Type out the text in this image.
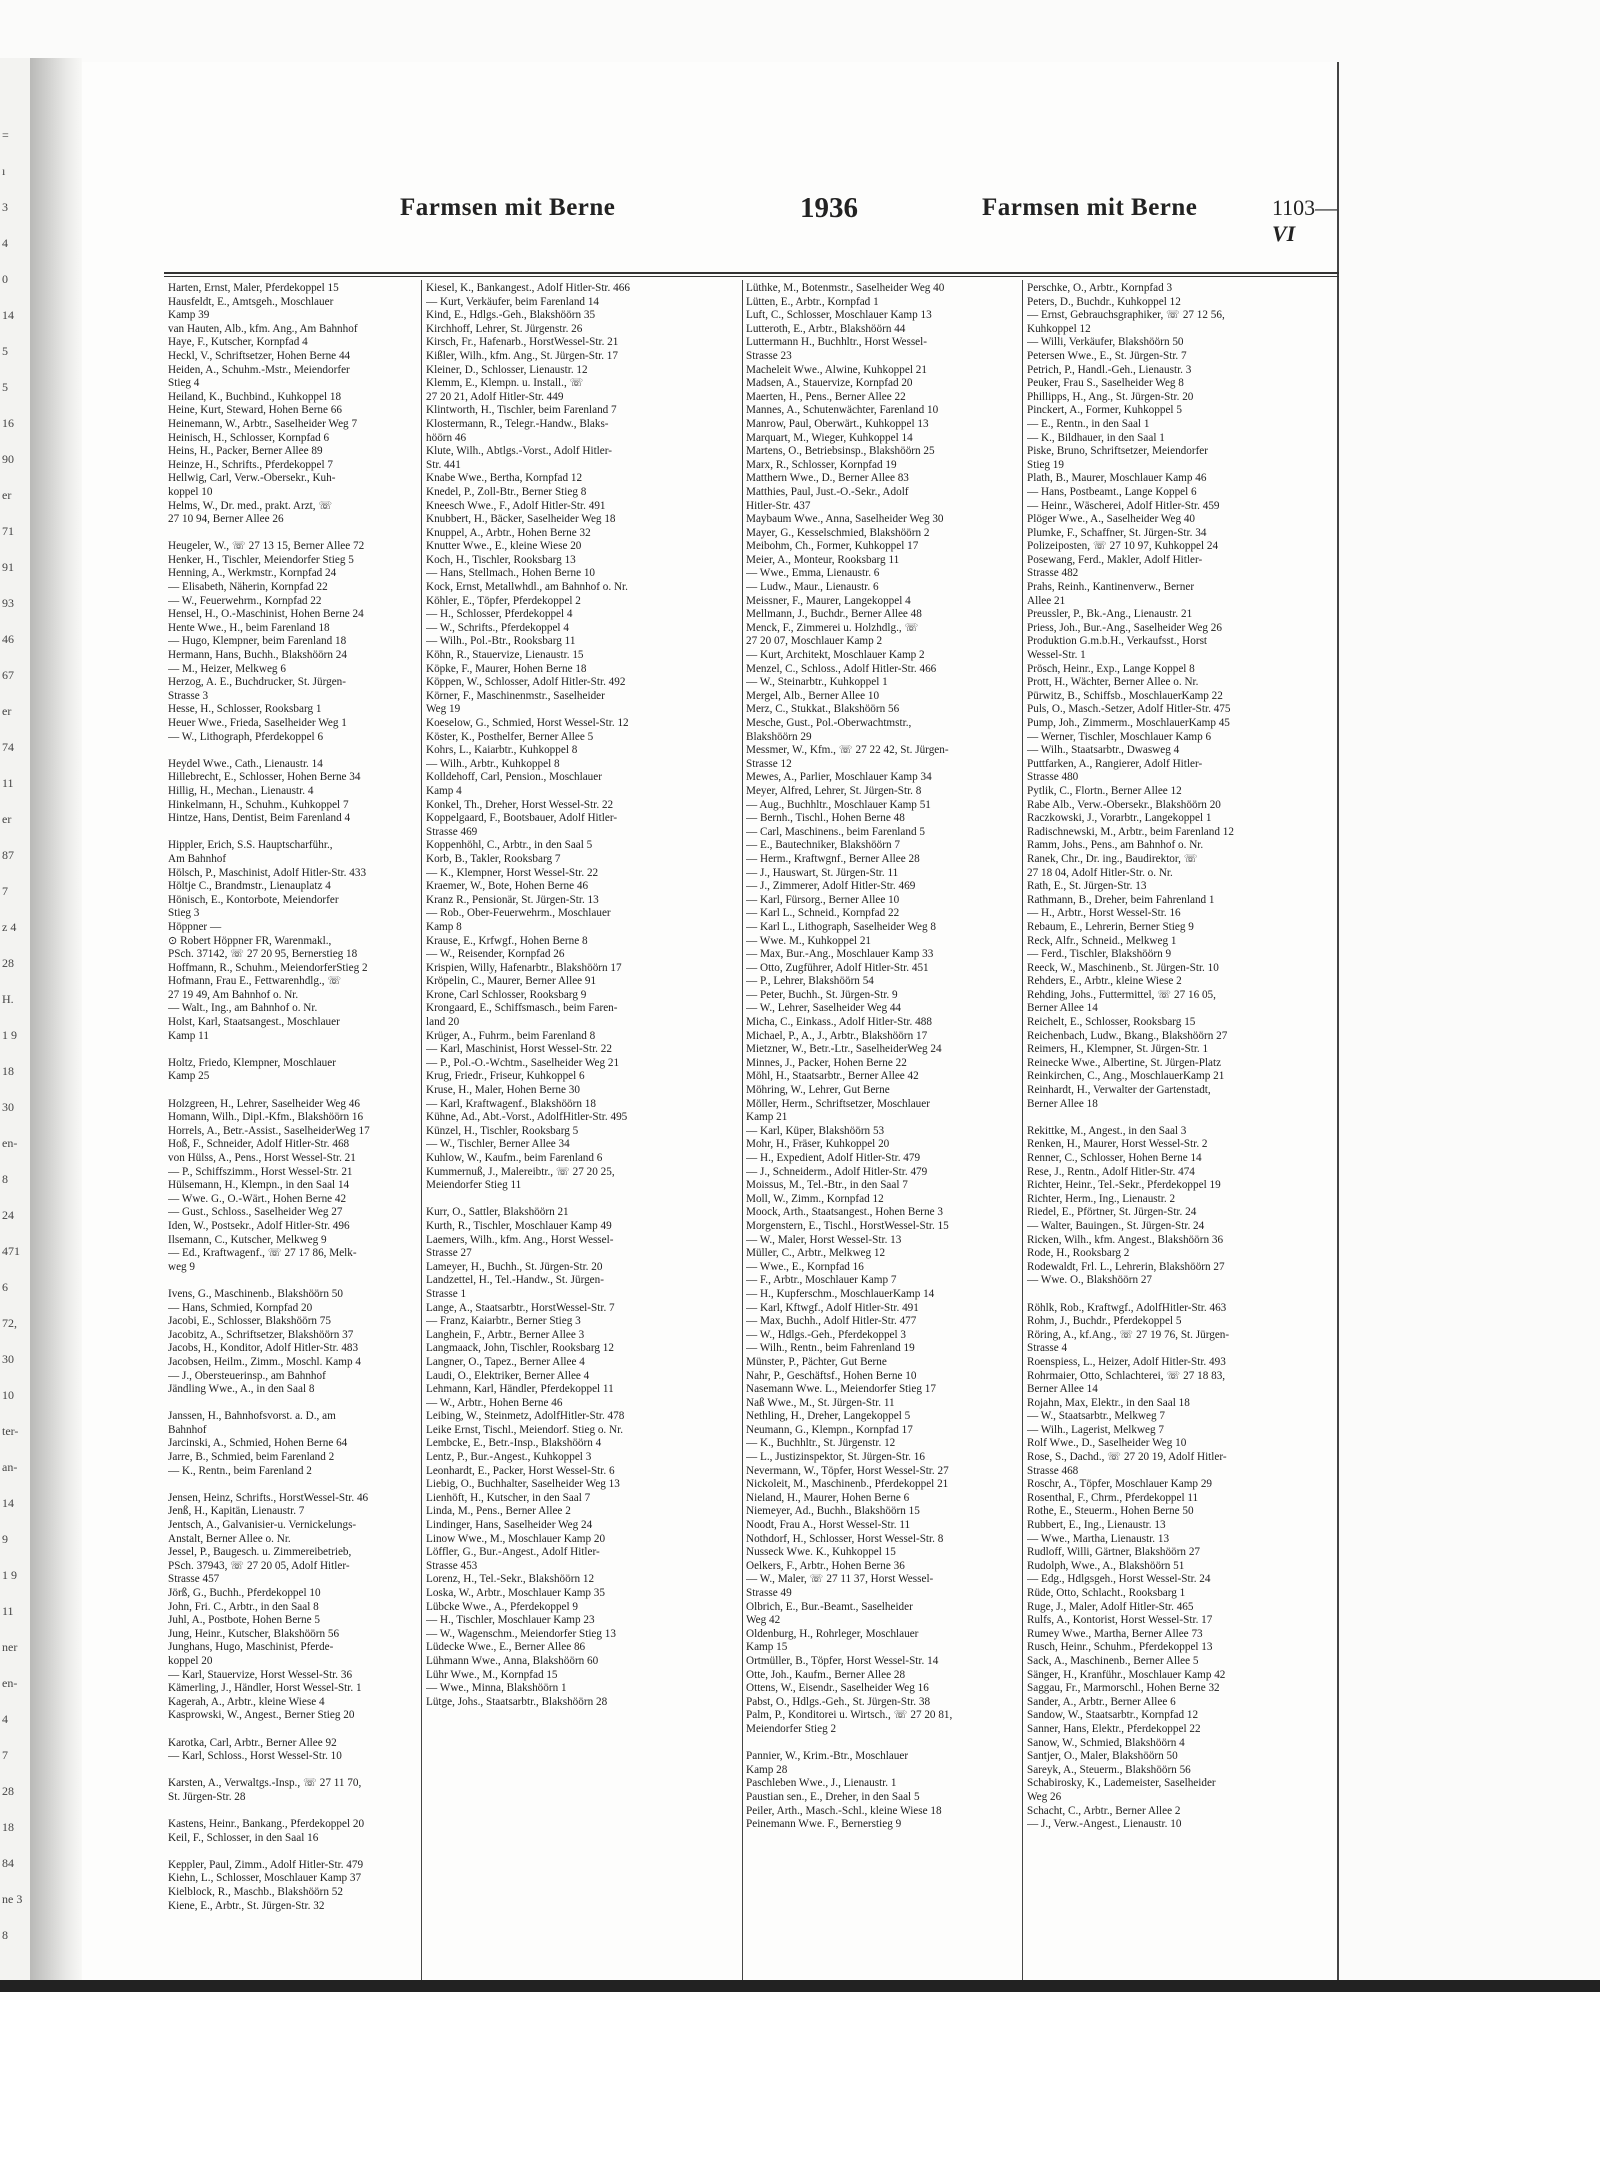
=
ı
3
4
0
14
5
5
16
90
er
71
91
93
46
67
er
74
11
er
87
7
z 4
28
H.
1 9
18
30
en-
8
24
471
6
72,
30
10
ter-
an-
14
9
1 9
11
ner
en-
4
7
28
18
84
ne 3
8
Farmsen mit Berne	1936	Farmsen mit Berne	1103—VI
Harten, Ernst, Maler, Pferdekoppel 15
Hausfeldt, E., Amtsgeh., Moschlauer
Kamp 39
van Hauten, Alb., kfm. Ang., Am Bahnhof
Haye, F., Kutscher, Kornpfad 4
Heckl, V., Schriftsetzer, Hohen Berne 44
Heiden, A., Schuhm.-Mstr., Meiendorfer
Stieg 4
Heiland, K., Buchbind., Kuhkoppel 18
Heine, Kurt, Steward, Hohen Berne 66
Heinemann, W., Arbtr., Saselheider Weg 7
Heinisch, H., Schlosser, Kornpfad 6
Heins, H., Packer, Berner Allee 89
Heinze, H., Schrifts., Pferdekoppel 7
Hellwig, Carl, Verw.-Obersekr., Kuh-
koppel 10
Helms, W., Dr. med., prakt. Arzt, ☏
27 10 94, Berner Allee 26
Heugeler, W., ☏ 27 13 15, Berner Allee 72
Henker, H., Tischler, Meiendorfer Stieg 5
Henning, A., Werkmstr., Kornpfad 24
— Elisabeth, Näherin, Kornpfad 22
— W., Feuerwehrm., Kornpfad 22
Hensel, H., O.-Maschinist, Hohen Berne 24
Hente Wwe., H., beim Farenland 18
— Hugo, Klempner, beim Farenland 18
Hermann, Hans, Buchh., Blakshöörn 24
— M., Heizer, Melkweg 6
Herzog, A. E., Buchdrucker, St. Jürgen-
Strasse 3
Hesse, H., Schlosser, Rooksbarg 1
Heuer Wwe., Frieda, Saselheider Weg 1
— W., Lithograph, Pferdekoppel 6
Heydel Wwe., Cath., Lienaustr. 14
Hillebrecht, E., Schlosser, Hohen Berne 34
Hillig, H., Mechan., Lienaustr. 4
Hinkelmann, H., Schuhm., Kuhkoppel 7
Hintze, Hans, Dentist, Beim Farenland 4
Hippler, Erich, S.S. Hauptscharführ.,
Am Bahnhof
Hölsch, P., Maschinist, Adolf Hitler-Str. 433
Höltje C., Brandmstr., Lienauplatz 4
Hönisch, E., Kontorbote, Meiendorfer
Stieg 3
Höppner —
⊙ Robert Höppner FR, Warenmakl.,
PSch. 37142, ☏ 27 20 95, Bernerstieg 18
Hoffmann, R., Schuhm., MeiendorferStieg 2
Hofmann, Frau E., Fettwarenhdlg., ☏
27 19 49, Am Bahnhof o. Nr.
— Walt., Ing., am Bahnhof o. Nr.
Holst, Karl, Staatsangest., Moschlauer
Kamp 11
Holtz, Friedo, Klempner, Moschlauer
Kamp 25
Holzgreen, H., Lehrer, Saselheider Weg 46
Homann, Wilh., Dipl.-Kfm., Blakshöörn 16
Horrels, A., Betr.-Assist., SaselheiderWeg 17
Hoß, F., Schneider, Adolf Hitler-Str. 468
von Hülss, A., Pens., Horst Wessel-Str. 21
— P., Schiffszimm., Horst Wessel-Str. 21
Hülsemann, H., Klempn., in den Saal 14
— Wwe. G., O.-Wärt., Hohen Berne 42
— Gust., Schloss., Saselheider Weg 27
Iden, W., Postsekr., Adolf Hitler-Str. 496
Ilsemann, C., Kutscher, Melkweg 9
— Ed., Kraftwagenf., ☏ 27 17 86, Melk-
weg 9
Ivens, G., Maschinenb., Blakshöörn 50
— Hans, Schmied, Kornpfad 20
Jacobi, E., Schlosser, Blakshöörn 75
Jacobitz, A., Schriftsetzer, Blakshöörn 37
Jacobs, H., Konditor, Adolf Hitler-Str. 483
Jacobsen, Heilm., Zimm., Moschl. Kamp 4
— J., Obersteuerinsp., am Bahnhof
Jändling Wwe., A., in den Saal 8
Janssen, H., Bahnhofsvorst. a. D., am
Bahnhof
Jarcinski, A., Schmied, Hohen Berne 64
Jarre, B., Schmied, beim Farenland 2
— K., Rentn., beim Farenland 2
Jensen, Heinz, Schrifts., HorstWessel-Str. 46
Jenß, H., Kapitän, Lienaustr. 7
Jentsch, A., Galvanisier-u. Vernickelungs-
Anstalt, Berner Allee o. Nr.
Jessel, P., Baugesch. u. Zimmereibetrieb,
PSch. 37943, ☏ 27 20 05, Adolf Hitler-
Strasse 457
Jörß, G., Buchh., Pferdekoppel 10
John, Fri. C., Arbtr., in den Saal 8
Juhl, A., Postbote, Hohen Berne 5
Jung, Heinr., Kutscher, Blakshöörn 56
Junghans, Hugo, Maschinist, Pferde-
koppel 20
— Karl, Stauervize, Horst Wessel-Str. 36
Kämerling, J., Händler, Horst Wessel-Str. 1
Kagerah, A., Arbtr., kleine Wiese 4
Kasprowski, W., Angest., Berner Stieg 20
Karotka, Carl, Arbtr., Berner Allee 92
— Karl, Schloss., Horst Wessel-Str. 10
Karsten, A., Verwaltgs.-Insp., ☏ 27 11 70,
St. Jürgen-Str. 28
Kastens, Heinr., Bankang., Pferdekoppel 20
Keil, F., Schlosser, in den Saal 16
Keppler, Paul, Zimm., Adolf Hitler-Str. 479
Kiehn, L., Schlosser, Moschlauer Kamp 37
Kielblock, R., Maschb., Blakshöörn 52
Kiene, E., Arbtr., St. Jürgen-Str. 32
Kiesel, K., Bankangest., Adolf Hitler-Str. 466
— Kurt, Verkäufer, beim Farenland 14
Kind, E., Hdlgs.-Geh., Blakshöörn 35
Kirchhoff, Lehrer, St. Jürgenstr. 26
Kirsch, Fr., Hafenarb., HorstWessel-Str. 21
Kißler, Wilh., kfm. Ang., St. Jürgen-Str. 17
Kleiner, D., Schlosser, Lienaustr. 12
Klemm, E., Klempn. u. Install., ☏
27 20 21, Adolf Hitler-Str. 449
Klintworth, H., Tischler, beim Farenland 7
Klostermann, R., Telegr.-Handw., Blaks-
höörn 46
Klute, Wilh., Abtlgs.-Vorst., Adolf Hitler-
Str. 441
Knabe Wwe., Bertha, Kornpfad 12
Knedel, P., Zoll-Btr., Berner Stieg 8
Kneesch Wwe., F., Adolf Hitler-Str. 491
Knubbert, H., Bäcker, Saselheider Weg 18
Knuppel, A., Arbtr., Hohen Berne 32
Knutter Wwe., E., kleine Wiese 20
Koch, H., Tischler, Rooksbarg 13
— Hans, Stellmach., Hohen Berne 10
Kock, Ernst, Metallwhdl., am Bahnhof o. Nr.
Köhler, E., Töpfer, Pferdekoppel 2
— H., Schlosser, Pferdekoppel 4
— W., Schrifts., Pferdekoppel 4
— Wilh., Pol.-Btr., Rooksbarg 11
Köhn, R., Stauervize, Lienaustr. 15
Köpke, F., Maurer, Hohen Berne 18
Köppen, W., Schlosser, Adolf Hitler-Str. 492
Körner, F., Maschinenmstr., Saselheider
Weg 19
Koeselow, G., Schmied, Horst Wessel-Str. 12
Köster, K., Posthelfer, Berner Allee 5
Kohrs, L., Kaiarbtr., Kuhkoppel 8
— Wilh., Arbtr., Kuhkoppel 8
Kolldehoff, Carl, Pension., Moschlauer
Kamp 4
Konkel, Th., Dreher, Horst Wessel-Str. 22
Koppelgaard, F., Bootsbauer, Adolf Hitler-
Strasse 469
Koppenhöhl, C., Arbtr., in den Saal 5
Korb, B., Takler, Rooksbarg 7
— K., Klempner, Horst Wessel-Str. 22
Kraemer, W., Bote, Hohen Berne 46
Kranz R., Pensionär, St. Jürgen-Str. 13
— Rob., Ober-Feuerwehrm., Moschlauer
Kamp 8
Krause, E., Krfwgf., Hohen Berne 8
— W., Reisender, Kornpfad 26
Krispien, Willy, Hafenarbtr., Blakshöörn 17
Kröpelin, C., Maurer, Berner Allee 91
Krone, Carl Schlosser, Rooksbarg 9
Krongaard, E., Schiffsmasch., beim Faren-
land 20
Krüger, A., Fuhrm., beim Farenland 8
— Karl, Maschinist, Horst Wessel-Str. 22
— P., Pol.-O.-Wchtm., Saselheider Weg 21
Krug, Friedr., Friseur, Kuhkoppel 6
Kruse, H., Maler, Hohen Berne 30
— Karl, Kraftwagenf., Blakshöörn 18
Kühne, Ad., Abt.-Vorst., AdolfHitler-Str. 495
Künzel, H., Tischler, Rooksbarg 5
— W., Tischler, Berner Allee 34
Kuhlow, W., Kaufm., beim Farenland 6
Kummernuß, J., Malereibtr., ☏ 27 20 25,
Meiendorfer Stieg 11
Kurr, O., Sattler, Blakshöörn 21
Kurth, R., Tischler, Moschlauer Kamp 49
Laemers, Wilh., kfm. Ang., Horst Wessel-
Strasse 27
Lameyer, H., Buchh., St. Jürgen-Str. 20
Landzettel, H., Tel.-Handw., St. Jürgen-
Strasse 1
Lange, A., Staatsarbtr., HorstWessel-Str. 7
— Franz, Kaiarbtr., Berner Stieg 3
Langhein, F., Arbtr., Berner Allee 3
Langmaack, John, Tischler, Rooksbarg 12
Langner, O., Tapez., Berner Allee 4
Laudi, O., Elektriker, Berner Allee 4
Lehmann, Karl, Händler, Pferdekoppel 11
— W., Arbtr., Hohen Berne 46
Leibing, W., Steinmetz, AdolfHitler-Str. 478
Leike Ernst, Tischl., Meiendorf. Stieg o. Nr.
Lembcke, E., Betr.-Insp., Blakshöörn 4
Lentz, P., Bur.-Angest., Kuhkoppel 3
Leonhardt, E., Packer, Horst Wessel-Str. 6
Liebig, O., Buchhalter, Saselheider Weg 13
Lienhöft, H., Kutscher, in den Saal 7
Linda, M., Pens., Berner Allee 2
Lindinger, Hans, Saselheider Weg 24
Linow Wwe., M., Moschlauer Kamp 20
Löffler, G., Bur.-Angest., Adolf Hitler-
Strasse 453
Lorenz, H., Tel.-Sekr., Blakshöörn 12
Loska, W., Arbtr., Moschlauer Kamp 35
Lübcke Wwe., A., Pferdekoppel 9
— H., Tischler, Moschlauer Kamp 23
— W., Wagenschm., Meiendorfer Stieg 13
Lüdecke Wwe., E., Berner Allee 86
Lühmann Wwe., Anna, Blakshöörn 60
Lühr Wwe., M., Kornpfad 15
— Wwe., Minna, Blakshöörn 1
Lütge, Johs., Staatsarbtr., Blakshöörn 28
Lüthke, M., Botenmstr., Saselheider Weg 40
Lütten, E., Arbtr., Kornpfad 1
Luft, C., Schlosser, Moschlauer Kamp 13
Lutteroth, E., Arbtr., Blakshöörn 44
Luttermann H., Buchhltr., Horst Wessel-
Strasse 23
Macheleit Wwe., Alwine, Kuhkoppel 21
Madsen, A., Stauervize, Kornpfad 20
Maerten, H., Pens., Berner Allee 22
Mannes, A., Schutenwächter, Farenland 10
Manrow, Paul, Oberwärt., Kuhkoppel 13
Marquart, M., Wieger, Kuhkoppel 14
Martens, O., Betriebsinsp., Blakshöörn 25
Marx, R., Schlosser, Kornpfad 19
Matthern Wwe., D., Berner Allee 83
Matthies, Paul, Just.-O.-Sekr., Adolf
Hitler-Str. 437
Maybaum Wwe., Anna, Saselheider Weg 30
Mayer, G., Kesselschmied, Blakshöörn 2
Meibohm, Ch., Former, Kuhkoppel 17
Meier, A., Monteur, Rooksbarg 11
— Wwe., Emma, Lienaustr. 6
— Ludw., Maur., Lienaustr. 6
Meissner, F., Maurer, Langekoppel 4
Mellmann, J., Buchdr., Berner Allee 48
Menck, F., Zimmerei u. Holzhdlg., ☏
27 20 07, Moschlauer Kamp 2
— Kurt, Architekt, Moschlauer Kamp 2
Menzel, C., Schloss., Adolf Hitler-Str. 466
— W., Steinarbtr., Kuhkoppel 1
Mergel, Alb., Berner Allee 10
Merz, C., Stukkat., Blakshöörn 56
Mesche, Gust., Pol.-Oberwachtmstr.,
Blakshöörn 29
Messmer, W., Kfm., ☏ 27 22 42, St. Jürgen-
Strasse 12
Mewes, A., Parlier, Moschlauer Kamp 34
Meyer, Alfred, Lehrer, St. Jürgen-Str. 8
— Aug., Buchhltr., Moschlauer Kamp 51
— Bernh., Tischl., Hohen Berne 48
— Carl, Maschinens., beim Farenland 5
— E., Bautechniker, Blakshöörn 7
— Herm., Kraftwgnf., Berner Allee 28
— J., Hauswart, St. Jürgen-Str. 11
— J., Zimmerer, Adolf Hitler-Str. 469
— Karl, Fürsorg., Berner Allee 10
— Karl L., Schneid., Kornpfad 22
— Karl L., Lithograph, Saselheider Weg 8
— Wwe. M., Kuhkoppel 21
— Max, Bur.-Ang., Moschlauer Kamp 33
— Otto, Zugführer, Adolf Hitler-Str. 451
— P., Lehrer, Blakshöörn 54
— Peter, Buchh., St. Jürgen-Str. 9
— W., Lehrer, Saselheider Weg 44
Micha, C., Einkass., Adolf Hitler-Str. 488
Michael, P., A., J., Arbtr., Blakshöörn 17
Mietzner, W., Betr.-Ltr., SaselheiderWeg 24
Minnes, J., Packer, Hohen Berne 22
Möhl, H., Staatsarbtr., Berner Allee 42
Möhring, W., Lehrer, Gut Berne
Möller, Herm., Schriftsetzer, Moschlauer
Kamp 21
— Karl, Küper, Blakshöörn 53
Mohr, H., Fräser, Kuhkoppel 20
— H., Expedient, Adolf Hitler-Str. 479
— J., Schneiderm., Adolf Hitler-Str. 479
Moissus, M., Tel.-Btr., in den Saal 7
Moll, W., Zimm., Kornpfad 12
Moock, Arth., Staatsangest., Hohen Berne 3
Morgenstern, E., Tischl., HorstWessel-Str. 15
— W., Maler, Horst Wessel-Str. 13
Müller, C., Arbtr., Melkweg 12
— Wwe., E., Kornpfad 16
— F., Arbtr., Moschlauer Kamp 7
— H., Kupferschm., MoschlauerKamp 14
— Karl, Kftwgf., Adolf Hitler-Str. 491
— Max, Buchh., Adolf Hitler-Str. 477
— W., Hdlgs.-Geh., Pferdekoppel 3
— Wilh., Rentn., beim Fahrenland 19
Münster, P., Pächter, Gut Berne
Nahr, P., Geschäftsf., Hohen Berne 10
Nasemann Wwe. L., Meiendorfer Stieg 17
Naß Wwe., M., St. Jürgen-Str. 11
Nethling, H., Dreher, Langekoppel 5
Neumann, G., Klempn., Kornpfad 17
— K., Buchhltr., St. Jürgenstr. 12
— L., Justizinspektor, St. Jürgen-Str. 16
Nevermann, W., Töpfer, Horst Wessel-Str. 27
Nickoleit, M., Maschinenb., Pferdekoppel 21
Nieland, H., Maurer, Hohen Berne 6
Niemeyer, Ad., Buchh., Blakshöörn 15
Noodt, Frau A., Horst Wessel-Str. 11
Nothdorf, H., Schlosser, Horst Wessel-Str. 8
Nusseck Wwe. K., Kuhkoppel 15
Oelkers, F., Arbtr., Hohen Berne 36
— W., Maler, ☏ 27 11 37, Horst Wessel-
Strasse 49
Olbrich, E., Bur.-Beamt., Saselheider
Weg 42
Oldenburg, H., Rohrleger, Moschlauer
Kamp 15
Ortmüller, B., Töpfer, Horst Wessel-Str. 14
Otte, Joh., Kaufm., Berner Allee 28
Ottens, W., Eisendr., Saselheider Weg 16
Pabst, O., Hdlgs.-Geh., St. Jürgen-Str. 38
Palm, P., Konditorei u. Wirtsch., ☏ 27 20 81,
Meiendorfer Stieg 2
Pannier, W., Krim.-Btr., Moschlauer
Kamp 28
Paschleben Wwe., J., Lienaustr. 1
Paustian sen., E., Dreher, in den Saal 5
Peiler, Arth., Masch.-Schl., kleine Wiese 18
Peinemann Wwe. F., Bernerstieg 9
Perschke, O., Arbtr., Kornpfad 3
Peters, D., Buchdr., Kuhkoppel 12
— Ernst, Gebrauchsgraphiker, ☏ 27 12 56,
Kuhkoppel 12
— Willi, Verkäufer, Blakshöörn 50
Petersen Wwe., E., St. Jürgen-Str. 7
Petrich, P., Handl.-Geh., Lienaustr. 3
Peuker, Frau S., Saselheider Weg 8
Phillipps, H., Ang., St. Jürgen-Str. 20
Pinckert, A., Former, Kuhkoppel 5
— E., Rentn., in den Saal 1
— K., Bildhauer, in den Saal 1
Piske, Bruno, Schriftsetzer, Meiendorfer
Stieg 19
Plath, B., Maurer, Moschlauer Kamp 46
— Hans, Postbeamt., Lange Koppel 6
— Heinr., Wäscherei, Adolf Hitler-Str. 459
Plöger Wwe., A., Saselheider Weg 40
Plumke, F., Schaffner, St. Jürgen-Str. 34
Polizeiposten, ☏ 27 10 97, Kuhkoppel 24
Posewang, Ferd., Makler, Adolf Hitler-
Strasse 482
Prahs, Reinh., Kantinenverw., Berner
Allee 21
Preussler, P., Bk.-Ang., Lienaustr. 21
Priess, Joh., Bur.-Ang., Saselheider Weg 26
Produktion G.m.b.H., Verkaufsst., Horst
Wessel-Str. 1
Prösch, Heinr., Exp., Lange Koppel 8
Prott, H., Wächter, Berner Allee o. Nr.
Pürwitz, B., Schiffsb., MoschlauerKamp 22
Puls, O., Masch.-Setzer, Adolf Hitler-Str. 475
Pump, Joh., Zimmerm., MoschlauerKamp 45
— Werner, Tischler, Moschlauer Kamp 6
— Wilh., Staatsarbtr., Dwasweg 4
Puttfarken, A., Rangierer, Adolf Hitler-
Strasse 480
Pytlik, C., Flortn., Berner Allee 12
Rabe Alb., Verw.-Obersekr., Blakshöörn 20
Raczkowski, J., Vorarbtr., Langekoppel 1
Radischnewski, M., Arbtr., beim Farenland 12
Ramm, Johs., Pens., am Bahnhof o. Nr.
Ranek, Chr., Dr. ing., Baudirektor, ☏
27 18 04, Adolf Hitler-Str. o. Nr.
Rath, E., St. Jürgen-Str. 13
Rathmann, B., Dreher, beim Fahrenland 1
— H., Arbtr., Horst Wessel-Str. 16
Rebaum, E., Lehrerin, Berner Stieg 9
Reck, Alfr., Schneid., Melkweg 1
— Ferd., Tischler, Blakshöörn 9
Reeck, W., Maschinenb., St. Jürgen-Str. 10
Rehders, E., Arbtr., kleine Wiese 2
Rehding, Johs., Futtermittel, ☏ 27 16 05,
Berner Allee 14
Reichelt, E., Schlosser, Rooksbarg 15
Reichenbach, Ludw., Bkang., Blakshöörn 27
Reimers, H., Klempner, St. Jürgen-Str. 1
Reinecke Wwe., Albertine, St. Jürgen-Platz
Reinkirchen, C., Ang., MoschlauerKamp 21
Reinhardt, H., Verwalter der Gartenstadt,
Berner Allee 18
Rekittke, M., Angest., in den Saal 3
Renken, H., Maurer, Horst Wessel-Str. 2
Renner, C., Schlosser, Hohen Berne 14
Rese, J., Rentn., Adolf Hitler-Str. 474
Richter, Heinr., Tel.-Sekr., Pferdekoppel 19
Richter, Herm., Ing., Lienaustr. 2
Riedel, E., Pförtner, St. Jürgen-Str. 24
— Walter, Bauingen., St. Jürgen-Str. 24
Ricken, Wilh., kfm. Angest., Blakshöörn 36
Rode, H., Rooksbarg 2
Rodewaldt, Frl. L., Lehrerin, Blakshöörn 27
— Wwe. O., Blakshöörn 27
Röhlk, Rob., Kraftwgf., AdolfHitler-Str. 463
Rohm, J., Buchdr., Pferdekoppel 5
Röring, A., kf.Ang., ☏ 27 19 76, St. Jürgen-
Strasse 4
Roenspiess, L., Heizer, Adolf Hitler-Str. 493
Rohrmaier, Otto, Schlachterei, ☏ 27 18 83,
Berner Allee 14
Rojahn, Max, Elektr., in den Saal 18
— W., Staatsarbtr., Melkweg 7
— Wilh., Lagerist, Melkweg 7
Rolf Wwe., D., Saselheider Weg 10
Rose, S., Dachd., ☏ 27 20 19, Adolf Hitler-
Strasse 468
Roschr, A., Töpfer, Moschlauer Kamp 29
Rosenthal, F., Chrm., Pferdekoppel 11
Rothe, E., Steuerm., Hohen Berne 50
Rubbert, E., Ing., Lienaustr. 13
— Wwe., Martha, Lienaustr. 13
Rudloff, Willi, Gärtner, Blakshöörn 27
Rudolph, Wwe., A., Blakshöörn 51
— Edg., Hdlgsgeh., Horst Wessel-Str. 24
Rüde, Otto, Schlacht., Rooksbarg 1
Ruge, J., Maler, Adolf Hitler-Str. 465
Rulfs, A., Kontorist, Horst Wessel-Str. 17
Rumey Wwe., Martha, Berner Allee 73
Rusch, Heinr., Schuhm., Pferdekoppel 13
Sack, A., Maschinenb., Berner Allee 5
Sänger, H., Kranführ., Moschlauer Kamp 42
Saggau, Fr., Marmorschl., Hohen Berne 32
Sander, A., Arbtr., Berner Allee 6
Sandow, W., Staatsarbtr., Kornpfad 12
Sanner, Hans, Elektr., Pferdekoppel 22
Sanow, W., Schmied, Blakshöörn 4
Santjer, O., Maler, Blakshöörn 50
Sareyk, A., Steuerm., Blakshöörn 56
Schabirosky, K., Lademeister, Saselheider
Weg 26
Schacht, C., Arbtr., Berner Allee 2
— J., Verw.-Angest., Lienaustr. 10
